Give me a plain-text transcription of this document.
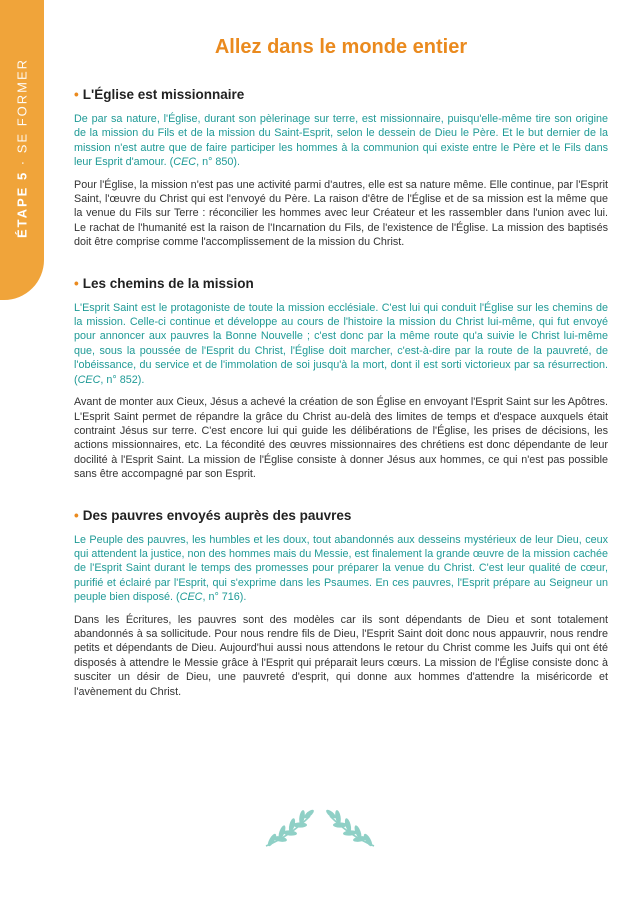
ÉTAPE 5 · SE FORMER
Allez dans le monde entier
• L'Église est missionnaire

De par sa nature, l'Église, durant son pèlerinage sur terre, est missionnaire, puisqu'elle-même tire son origine de la mission du Fils et de la mission du Saint-Esprit, selon le dessein de Dieu le Père. Et le but dernier de la mission n'est autre que de faire participer les hommes à la communion qui existe entre le Père et le Fils dans leur Esprit d'amour. (CEC, n° 850).

Pour l'Église, la mission n'est pas une activité parmi d'autres, elle est sa nature même. Elle continue, par l'Esprit Saint, l'œuvre du Christ qui est l'envoyé du Père. La raison d'être de l'Église et de sa mission est la même que la venue du Fils sur Terre : réconcilier les hommes avec leur Créateur et les rassembler dans l'union avec lui. Le rachat de l'humanité est la raison de l'Incarnation du Fils, de l'existence de l'Église. La mission des baptisés doit être comprise comme l'accomplissement de la mission du Christ.

• Les chemins de la mission

L'Esprit Saint est le protagoniste de toute la mission ecclésiale. C'est lui qui conduit l'Église sur les chemins de la mission. Celle-ci continue et développe au cours de l'histoire la mission du Christ lui-même, qui fut envoyé pour annoncer aux pauvres la Bonne Nouvelle ; c'est donc par la même route qu'a suivie le Christ lui-même que, sous la poussée de l'Esprit du Christ, l'Église doit marcher, c'est-à-dire par la route de la pauvreté, de l'obéissance, du service et de l'immolation de soi jusqu'à la mort, dont il est sorti victorieux par sa résurrection. (CEC, n° 852).

Avant de monter aux Cieux, Jésus a achevé la création de son Église en envoyant l'Esprit Saint sur les Apôtres. L'Esprit Saint permet de répandre la grâce du Christ au-delà des limites de temps et d'espace auxquels était contraint Jésus sur terre. C'est encore lui qui guide les délibérations de l'Église, les prises de décisions, les actions missionnaires, etc. La fécondité des œuvres missionnaires des chrétiens est donc dépendante de leur docilité à l'Esprit Saint. La mission de l'Église consiste à donner Jésus aux hommes, ce qui n'est pas possible sans être accompagné par son Esprit.

• Des pauvres envoyés auprès des pauvres

Le Peuple des pauvres, les humbles et les doux, tout abandonnés aux desseins mystérieux de leur Dieu, ceux qui attendent la justice, non des hommes mais du Messie, est finalement la grande œuvre de la mission cachée de l'Esprit Saint durant le temps des promesses pour préparer la venue du Christ. C'est leur qualité de cœur, purifié et éclairé par l'Esprit, qui s'exprime dans les Psaumes. En ces pauvres, l'Esprit prépare au Seigneur un peuple bien disposé. (CEC, n° 716).

Dans les Écritures, les pauvres sont des modèles car ils sont dépendants de Dieu et sont totalement abandonnés à sa sollicitude. Pour nous rendre fils de Dieu, l'Esprit Saint doit donc nous appauvrir, nous rendre petits et dépendants de Dieu. Aujourd'hui aussi nous attendons le retour du Christ comme les Juifs qui ont été disposés à attendre le Messie grâce à l'Esprit qui préparait leurs cœurs. La mission de l'Église consiste donc à susciter un désir de Dieu, une pauvreté d'esprit, qui donne aux hommes d'attendre la miséricorde et l'avènement du Christ.
